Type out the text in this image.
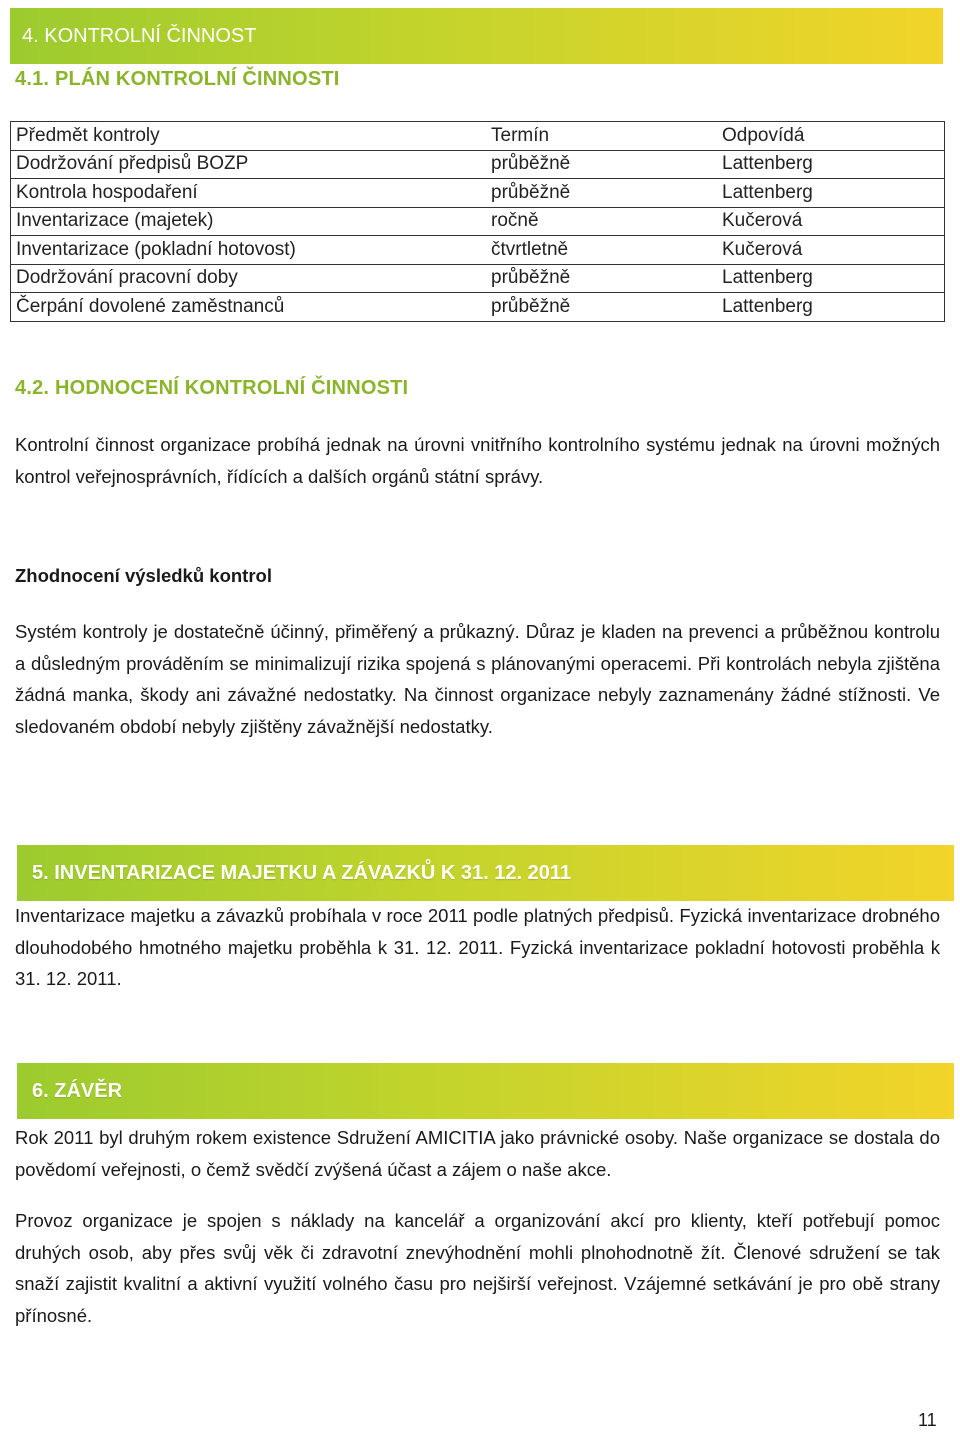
4. KONTROLNÍ ČINNOST
4.1. PLÁN KONTROLNÍ ČINNOSTI
Předmět kontroly	Termín	Odpovídá
Dodržování předpisů BOZP	průběžně	Lattenberg
Kontrola hospodaření	průběžně	Lattenberg
Inventarizace (majetek)	ročně	Kučerová
Inventarizace (pokladní hotovost)	čtvrtletně	Kučerová
Dodržování pracovní doby	průběžně	Lattenberg
Čerpání dovolené zaměstnanců	průběžně	Lattenberg
4.2. HODNOCENÍ KONTROLNÍ ČINNOSTI

Kontrolní činnost organizace probíhá jednak na úrovni vnitřního kontrolního systému jednak na úrovni možných kontrol veřejnosprávních, řídících a dalších orgánů státní správy.

Zhodnocení výsledků kontrol

Systém kontroly je dostatečně účinný, přiměřený a průkazný. Důraz je kladen na prevenci a průběžnou kontrolu a důsledným prováděním se minimalizují rizika spojená s plánovanými operacemi. Při kontrolách nebyla zjištěna žádná manka, škody ani závažné nedostatky. Na činnost organizace nebyly zaznamenány žádné stížnosti. Ve sledovaném období nebyly zjištěny závažnější nedostatky.

5. INVENTARIZACE MAJETKU A ZÁVAZKŮ K 31. 12. 2011

Inventarizace majetku a závazků probíhala v roce 2011 podle platných předpisů. Fyzická inventarizace drobného dlouhodobého hmotného majetku proběhla k 31. 12. 2011. Fyzická inventarizace pokladní hotovosti proběhla k 31. 12. 2011.

6. ZÁVĚR

Rok 2011 byl druhým rokem existence Sdružení AMICITIA jako právnické osoby. Naše organizace se dostala do povědomí veřejnosti, o čemž svědčí zvýšená účast a zájem o naše akce.

Provoz organizace je spojen s náklady na kancelář a organizování akcí pro klienty, kteří potřebují pomoc druhých osob, aby přes svůj věk či zdravotní znevýhodnění mohli plnohodnotně žít. Členové sdružení se tak snaží zajistit kvalitní a aktivní využití volného času pro nejširší veřejnost. Vzájemné setkávání je pro obě strany přínosné.

11
